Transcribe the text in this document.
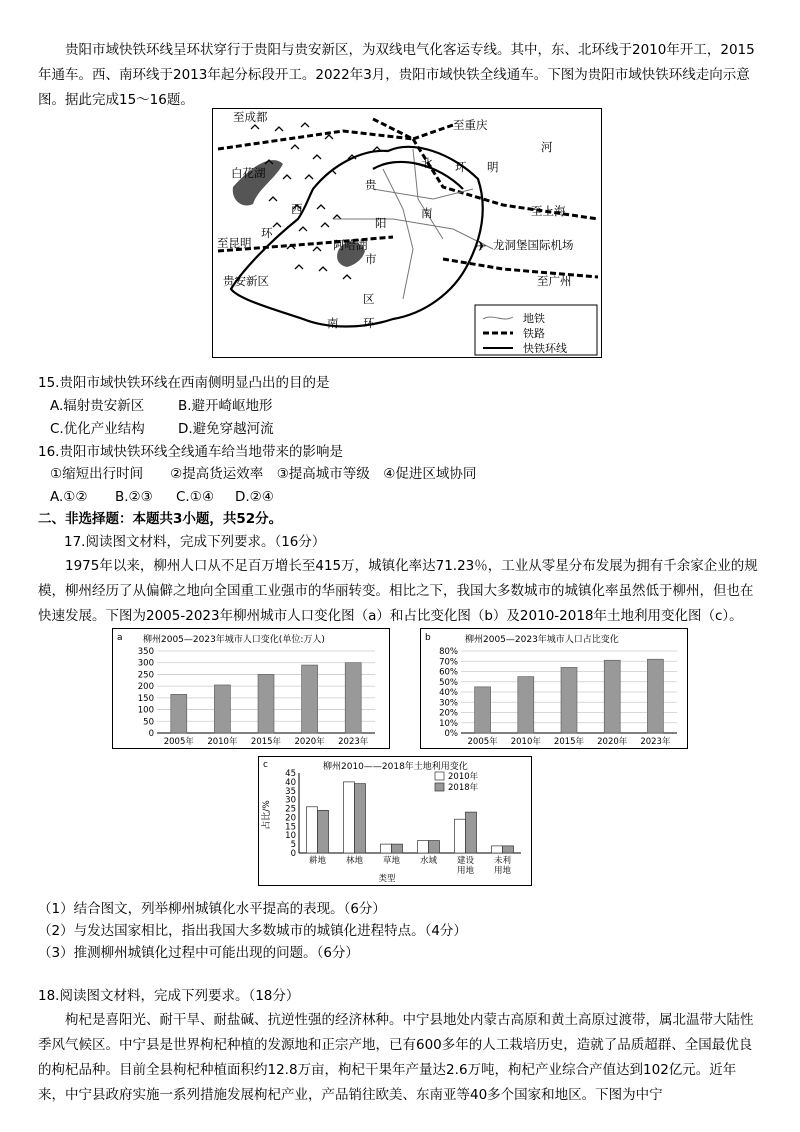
贵阳市域快铁环线呈环状穿行于贵阳与贵安新区，为双线电气化客运专线。其中，东、北环线于2010年开工，2015年通车。西、南环线于2013年起分标段开工。2022年3月，贵阳市域快铁全线通车。下图为贵阳市域快铁环线走向示意图。据此完成15～16题。
✈
至成都
至重庆
白花湖
北 环 明
河
贵
西
阳
南	至上海
至昆明
环
阿哈湖
市
龙洞堡国际机场
至广州
贵安新区
区
南 环	地铁
铁路
快铁环线
15.贵阳市域快铁环线在西南侧明显凸出的目的是
A.辐射贵安新区 B.避开崎岖地形
C.优化产业结构 D.避免穿越河流
16.贵阳市域快铁环线全线通车给当地带来的影响是
①缩短出行时间　　②提高货运效率　③提高城市等级　④促进区域协同
A.①② B.②③ C.①④ D.②④
二、非选择题：本题共3小题，共52分。
17.阅读图文材料，完成下列要求。（16分）
1975年以来，柳州人口从不足百万增长至415万，城镇化率达71.23％，工业从零星分布发展为拥有千余家企业的规模，柳州经历了从偏僻之地向全国重工业强市的华丽转变。相比之下，我国大多数城市的城镇化率虽然低于柳州，但也在快速发展。下图为2005-2023年柳州城市人口变化图（a）和占比变化图（b）及2010-2018年土地利用变化图（c）。
a 柳州2005—2023年城市人口变化(单位:万人)
0
50
100
150
200
250
300
350
2005年 2010年 2015年 2020年 2023年
b	柳州2005—2023年城市人口占比变化
0%
10%
20%
30%
40%
50%
60%
70%
80%
2005年 2010年 2015年 2020年 2023年
c	柳州2010——2018年土地利用变化
占比/%
0
5
10
15
20
25
30
35
40
45	2010年
2018年
耕地 林地 草地 水域 建设
用地
未利
用地
类型
（1）结合图文，列举柳州城镇化水平提高的表现。（6分）
（2）与发达国家相比，指出我国大多数城市的城镇化进程特点。（4分）
（3）推测柳州城镇化过程中可能出现的问题。（6分）
18.阅读图文材料，完成下列要求。（18分）
枸杞是喜阳光、耐干旱、耐盐碱、抗逆性强的经济林种。中宁县地处内蒙古高原和黄土高原过渡带，属北温带大陆性季风气候区。中宁县是世界枸杞种植的发源地和正宗产地，已有600多年的人工栽培历史，造就了品质超群、全国最优良的枸杞品种。目前全县枸杞种植面积约12.8万亩，枸杞干果年产量达2.6万吨，枸杞产业综合产值达到102亿元。近年来，中宁县政府实施一系列措施发展枸杞产业，产品销往欧美、东南亚等40多个国家和地区。下图为中宁
